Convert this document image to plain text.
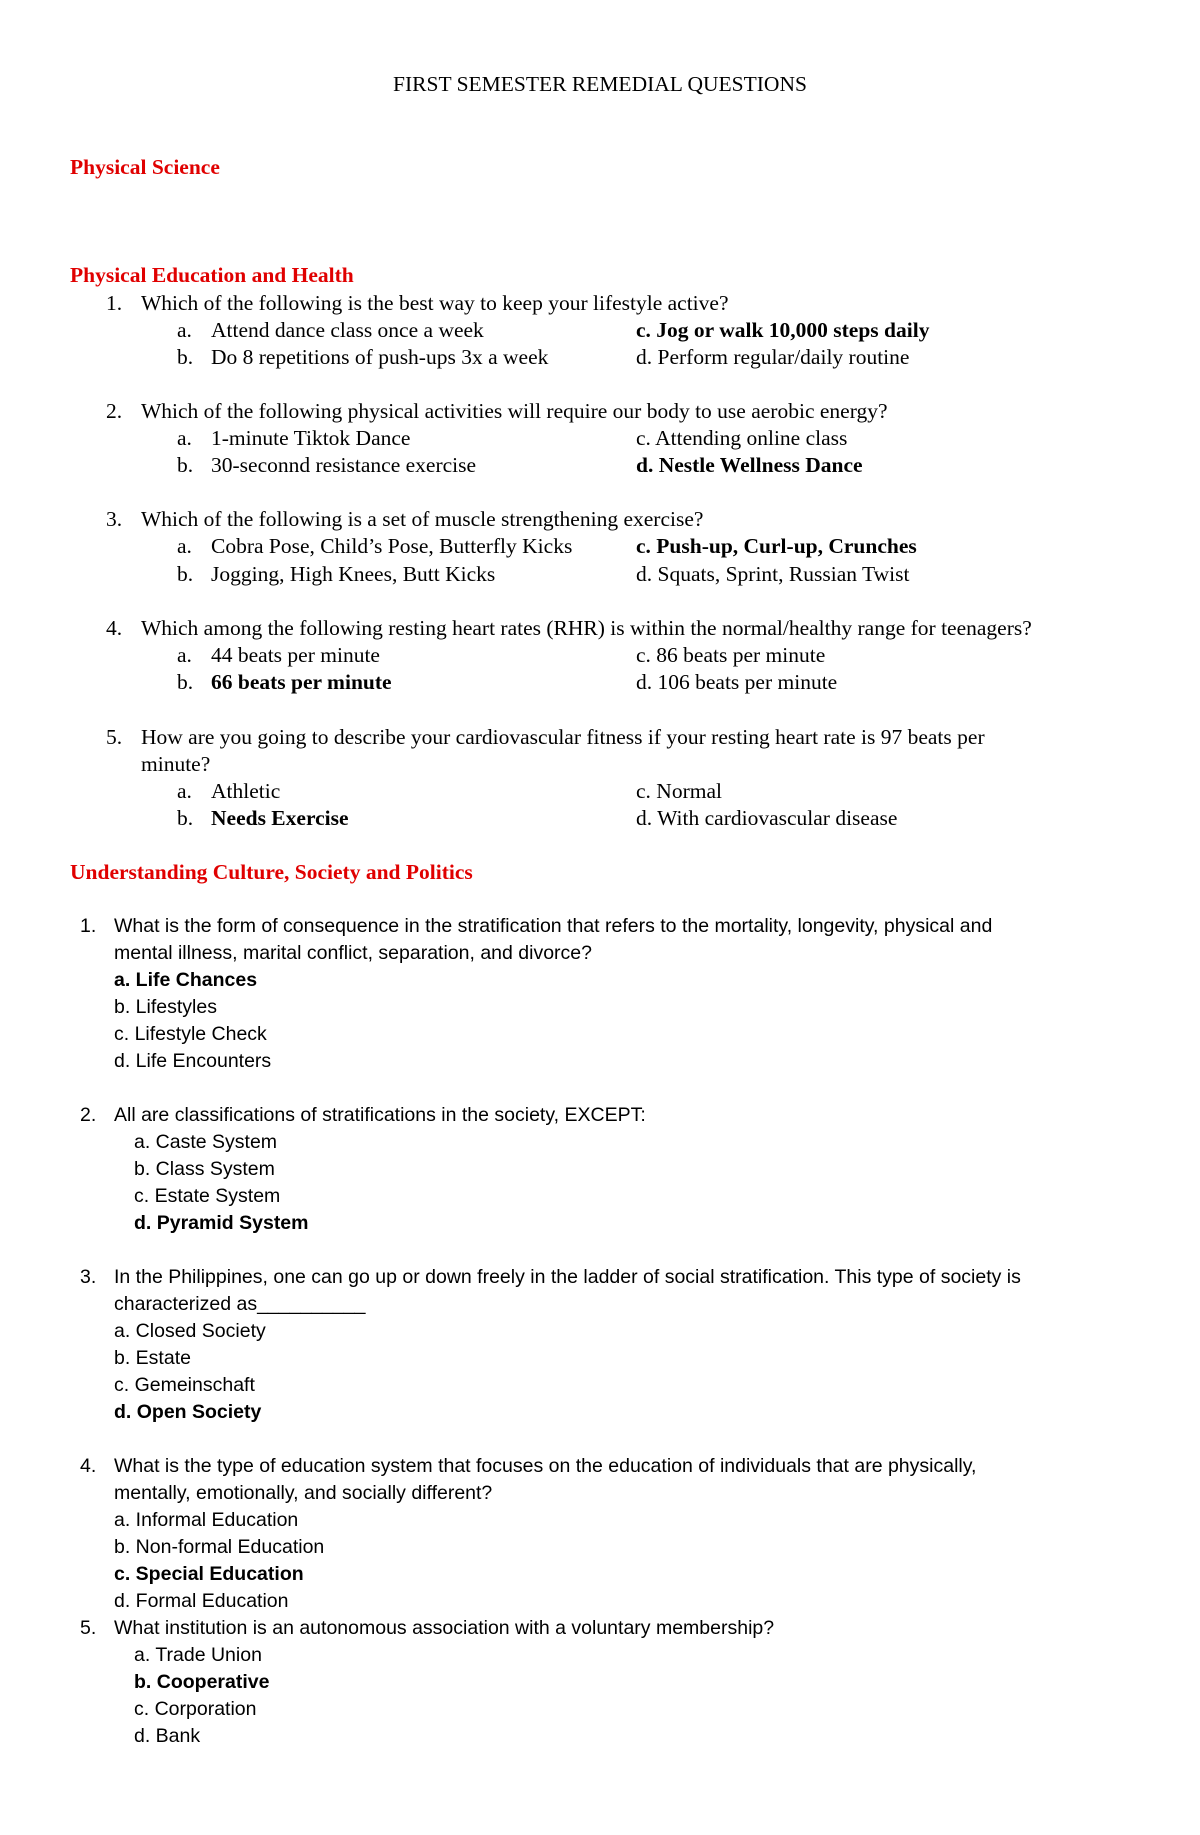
FIRST SEMESTER REMEDIAL QUESTIONS
Physical Science
Physical Education and Health
1. Which of the following is the best way to keep your lifestyle active?
a. Attend dance class once a week	c. Jog or walk 10,000 steps daily
b. Do 8 repetitions of push-ups 3x a week	d. Perform regular/daily routine
2. Which of the following physical activities will require our body to use aerobic energy?
a. 1-minute Tiktok Dance	c. Attending online class
b. 30-seconnd resistance exercise	d. Nestle Wellness Dance
3. Which of the following is a set of muscle strengthening exercise?
a. Cobra Pose, Child’s Pose, Butterfly Kicks	c. Push-up, Curl-up, Crunches
b. Jogging, High Knees, Butt Kicks	d. Squats, Sprint, Russian Twist
4. Which among the following resting heart rates (RHR) is within the normal/healthy range for teenagers?
a. 44 beats per minute	c. 86 beats per minute
b. 66 beats per minute	d. 106 beats per minute
5. How are you going to describe your cardiovascular fitness if your resting heart rate is 97 beats per
minute?
a. Athletic	c. Normal
b. Needs Exercise	d. With cardiovascular disease
Understanding Culture, Society and Politics
1. What is the form of consequence in the stratification that refers to the mortality, longevity, physical and
mental illness, marital conflict, separation, and divorce?
a. Life Chances
b. Lifestyles
c. Lifestyle Check
d. Life Encounters
2. All are classifications of stratifications in the society, EXCEPT:
a. Caste System
b. Class System
c. Estate System
d. Pyramid System
3. In the Philippines, one can go up or down freely in the ladder of social stratification. This type of society is
characterized as__________
a. Closed Society
b. Estate
c. Gemeinschaft
d. Open Society
4. What is the type of education system that focuses on the education of individuals that are physically,
mentally, emotionally, and socially different?
a. Informal Education
b. Non-formal Education
c. Special Education
d. Formal Education
5. What institution is an autonomous association with a voluntary membership?
a. Trade Union
b. Cooperative
c. Corporation
d. Bank
